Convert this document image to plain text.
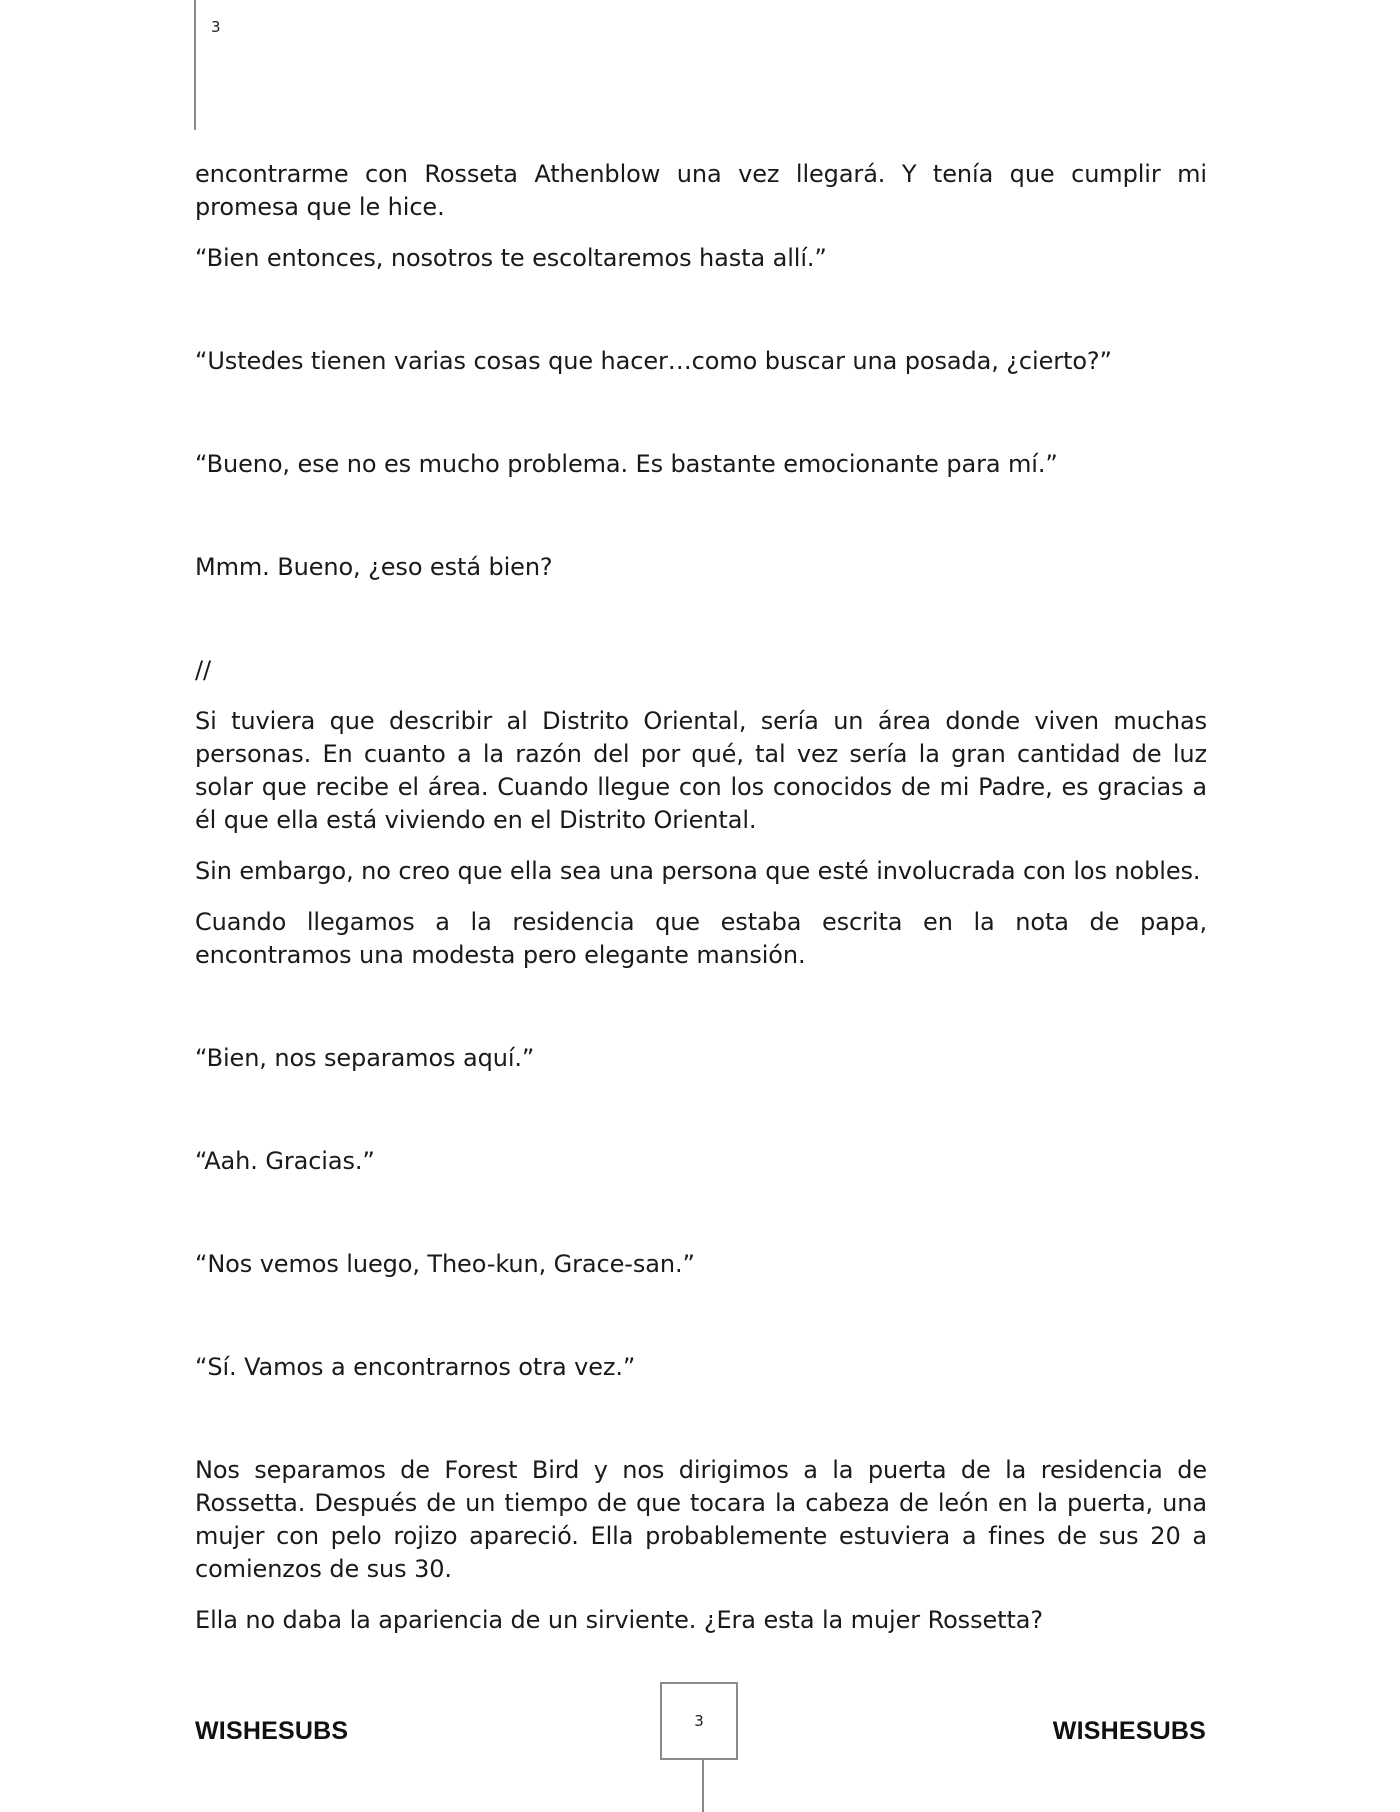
3

encontrarme con Rosseta Athenblow una vez llegará. Y tenía que cumplir mi promesa que le hice.

“Bien entonces, nosotros te escoltaremos hasta allí.”

“Ustedes tienen varias cosas que hacer…como buscar una posada, ¿cierto?”

“Bueno, ese no es mucho problema. Es bastante emocionante para mí.”

Mmm. Bueno, ¿eso está bien?

//

Si tuviera que describir al Distrito Oriental, sería un área donde viven muchas personas. En cuanto a la razón del por qué, tal vez sería la gran cantidad de luz solar que recibe el área. Cuando llegue con los conocidos de mi Padre, es gracias a él que ella está viviendo en el Distrito Oriental.

Sin embargo, no creo que ella sea una persona que esté involucrada con los nobles.

Cuando llegamos a la residencia que estaba escrita en la nota de papa, encontramos una modesta pero elegante mansión.

“Bien, nos separamos aquí.”

“Aah. Gracias.”

“Nos vemos luego, Theo-kun, Grace-san.”

“Sí. Vamos a encontrarnos otra vez.”

Nos separamos de Forest Bird y nos dirigimos a la puerta de la residencia de Rossetta. Después de un tiempo de que tocara la cabeza de león en la puerta, una mujer con pelo rojizo apareció. Ella probablemente estuviera a fines de sus 20 a comienzos de sus 30.

Ella no daba la apariencia de un sirviente. ¿Era esta la mujer Rossetta?

WISHESUBS	3	WISHESUBS
